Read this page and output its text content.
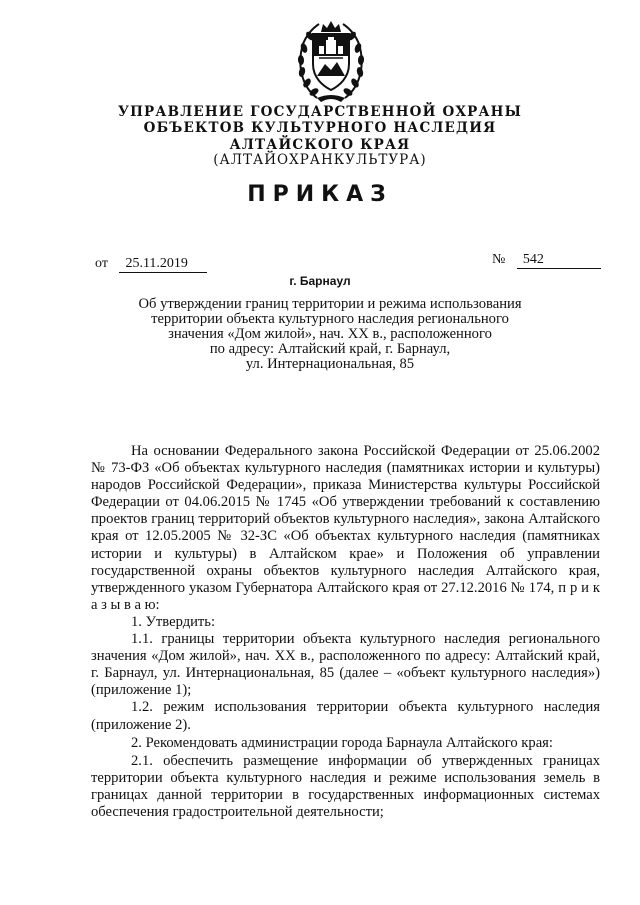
УПРАВЛЕНИЕ ГОСУДАРСТВЕННОЙ ОХРАНЫ
ОБЪЕКТОВ КУЛЬТУРНОГО НАСЛЕДИЯ
АЛТАЙСКОГО КРАЯ
(АЛТАЙОХРАНКУЛЬТУРА)
ПРИКАЗ
от 25.11.2019	№ 542
г. Барнаул
Об утверждении границ территории и режима использования
территории объекта культурного наследия регионального
значения «Дом жилой», нач. XX в., расположенного
по адресу: Алтайский край, г. Барнаул,
ул. Интернациональная, 85

На основании Федерального закона Российской Федерации от 25.06.2002 № 73-ФЗ «Об объектах культурного наследия (памятниках истории и культуры) народов Российской Федерации», приказа Министерства культуры Российской Федерации от 04.06.2015 № 1745 «Об утверждении требований к составлению проектов границ территорий объектов культурного наследия», закона Алтайского края от 12.05.2005 № 32-ЗС «Об объектах культурного наследия (памятниках истории и культуры) в Алтайском крае» и Положения об управлении государственной охраны объектов культурного наследия Алтайского края, утвержденного указом Губернатора Алтайского края от 27.12.2016 № 174, п р и к а з ы в а ю:

1. Утвердить:

1.1. границы территории объекта культурного наследия регионального значения «Дом жилой», нач. XX в., расположенного по адресу: Алтайский край, г. Барнаул, ул. Интернациональная, 85 (далее – «объект культурного наследия») (приложение 1);

1.2. режим использования территории объекта культурного наследия (приложение 2).

2. Рекомендовать администрации города Барнаула Алтайского края:

2.1. обеспечить размещение информации об утвержденных границах территории объекта культурного наследия и режиме использования земель в границах данной территории в государственных информационных системах обеспечения градостроительной деятельности;
